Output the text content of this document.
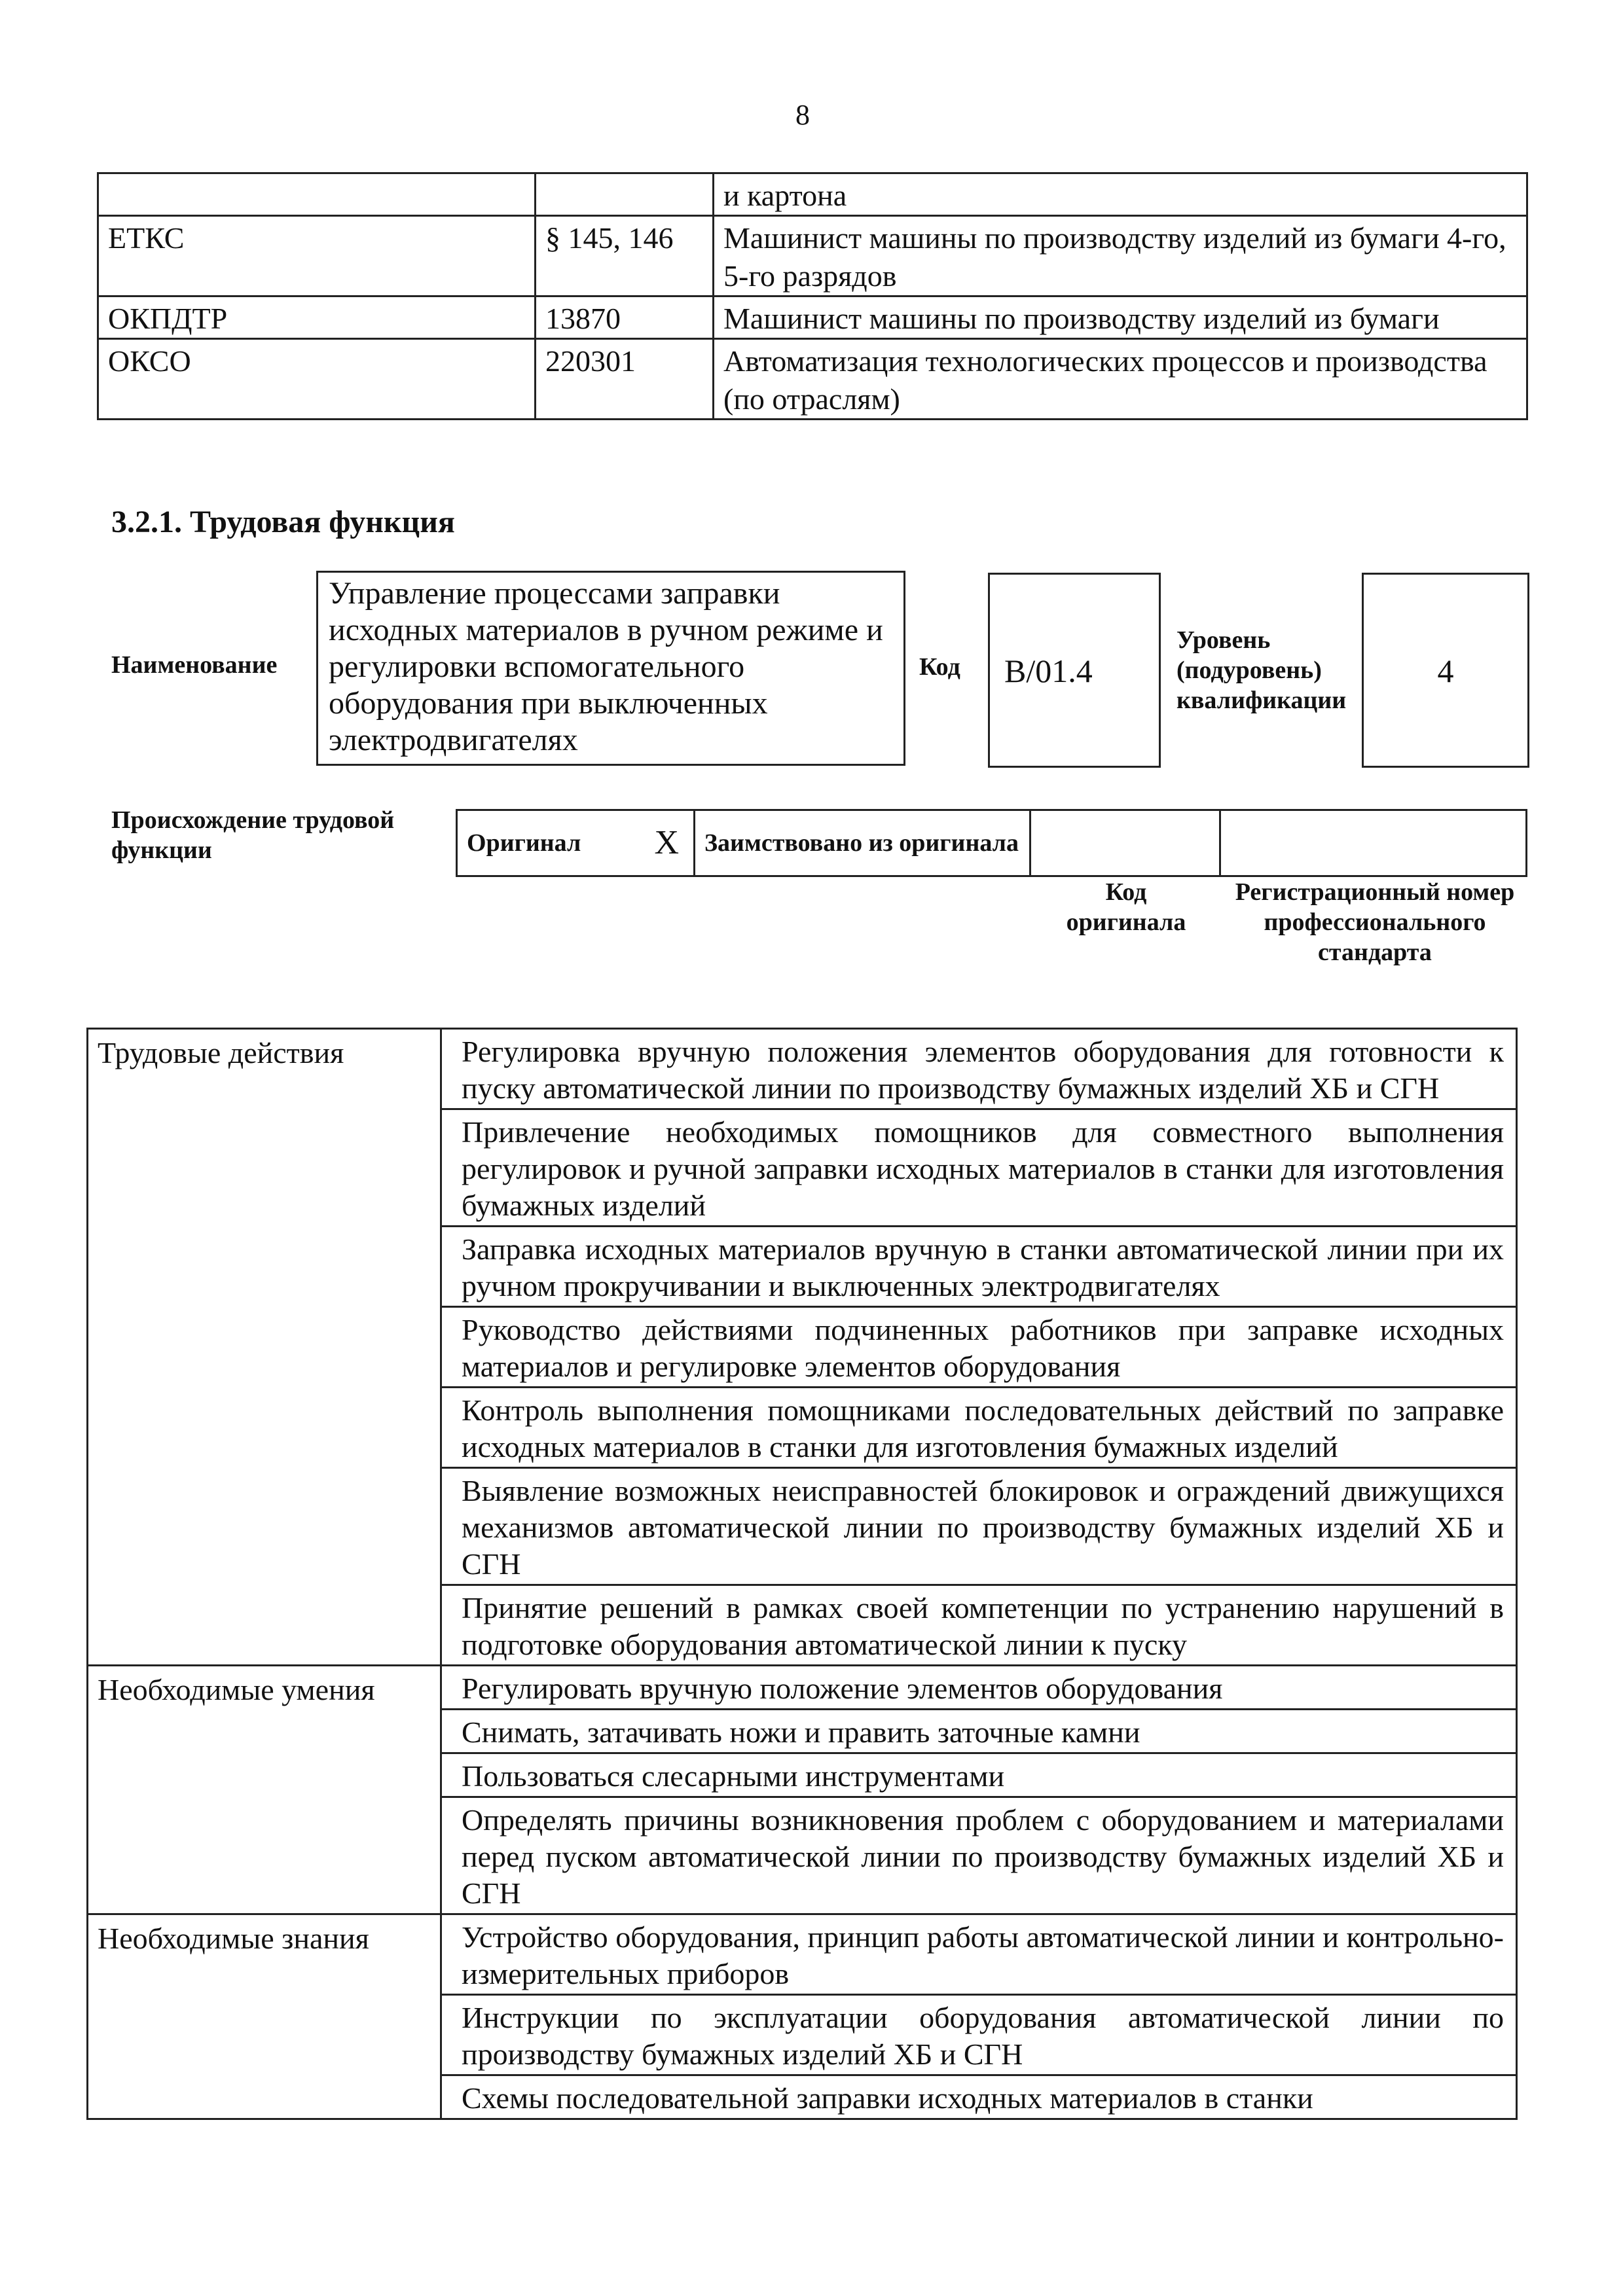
8
		и картона
ЕТКС	§ 145, 146	Машинист машины по производству изделий из бумаги 4-го, 5-го разрядов
ОКПДТР	13870	Машинист машины по производству изделий из бумаги
ОКСО	220301	Автоматизация технологических процессов и производства (по отраслям)
3.2.1. Трудовая функция
Наименование
Управление процессами заправки исходных материалов в ручном режиме и регулировки вспомогательного оборудования при выключенных электродвигателях
Код	B/01.4
Уровень (подуровень) квалификации
4
Происхождение трудовой функции	Оригинал X	Заимствовано из оригинала		
Код оригинала
Регистрационный номер профессионального стандарта
Трудовые действия	Регулировка вручную положения элементов оборудования для готовности к пуску автоматической линии по производству бумажных изделий ХБ и СГН
	Привлечение необходимых помощников для совместного выполнения регулировок и ручной заправки исходных материалов в станки для изготовления бумажных изделий
	Заправка исходных материалов вручную в станки автоматической линии при их ручном прокручивании и выключенных электродвигателях
	Руководство действиями подчиненных работников при заправке исходных материалов и регулировке элементов оборудования
	Контроль выполнения помощниками последовательных действий по заправке исходных материалов в станки для изготовления бумажных изделий
	Выявление возможных неисправностей блокировок и ограждений движущихся механизмов автоматической линии по производству бумажных изделий ХБ и СГН
	Принятие решений в рамках своей компетенции по устранению нарушений в подготовке оборудования автоматической линии к пуску
Необходимые умения	Регулировать вручную положение элементов оборудования
	Снимать, затачивать ножи и править заточные камни
	Пользоваться слесарными инструментами
	Определять причины возникновения проблем с оборудованием и материалами перед пуском автоматической линии по производству бумажных изделий ХБ и СГН
Необходимые знания	Устройство оборудования, принцип работы автоматической линии и контрольно-измерительных приборов
	Инструкции по эксплуатации оборудования автоматической линии по производству бумажных изделий ХБ и СГН
	Схемы последовательной заправки исходных материалов в станки
